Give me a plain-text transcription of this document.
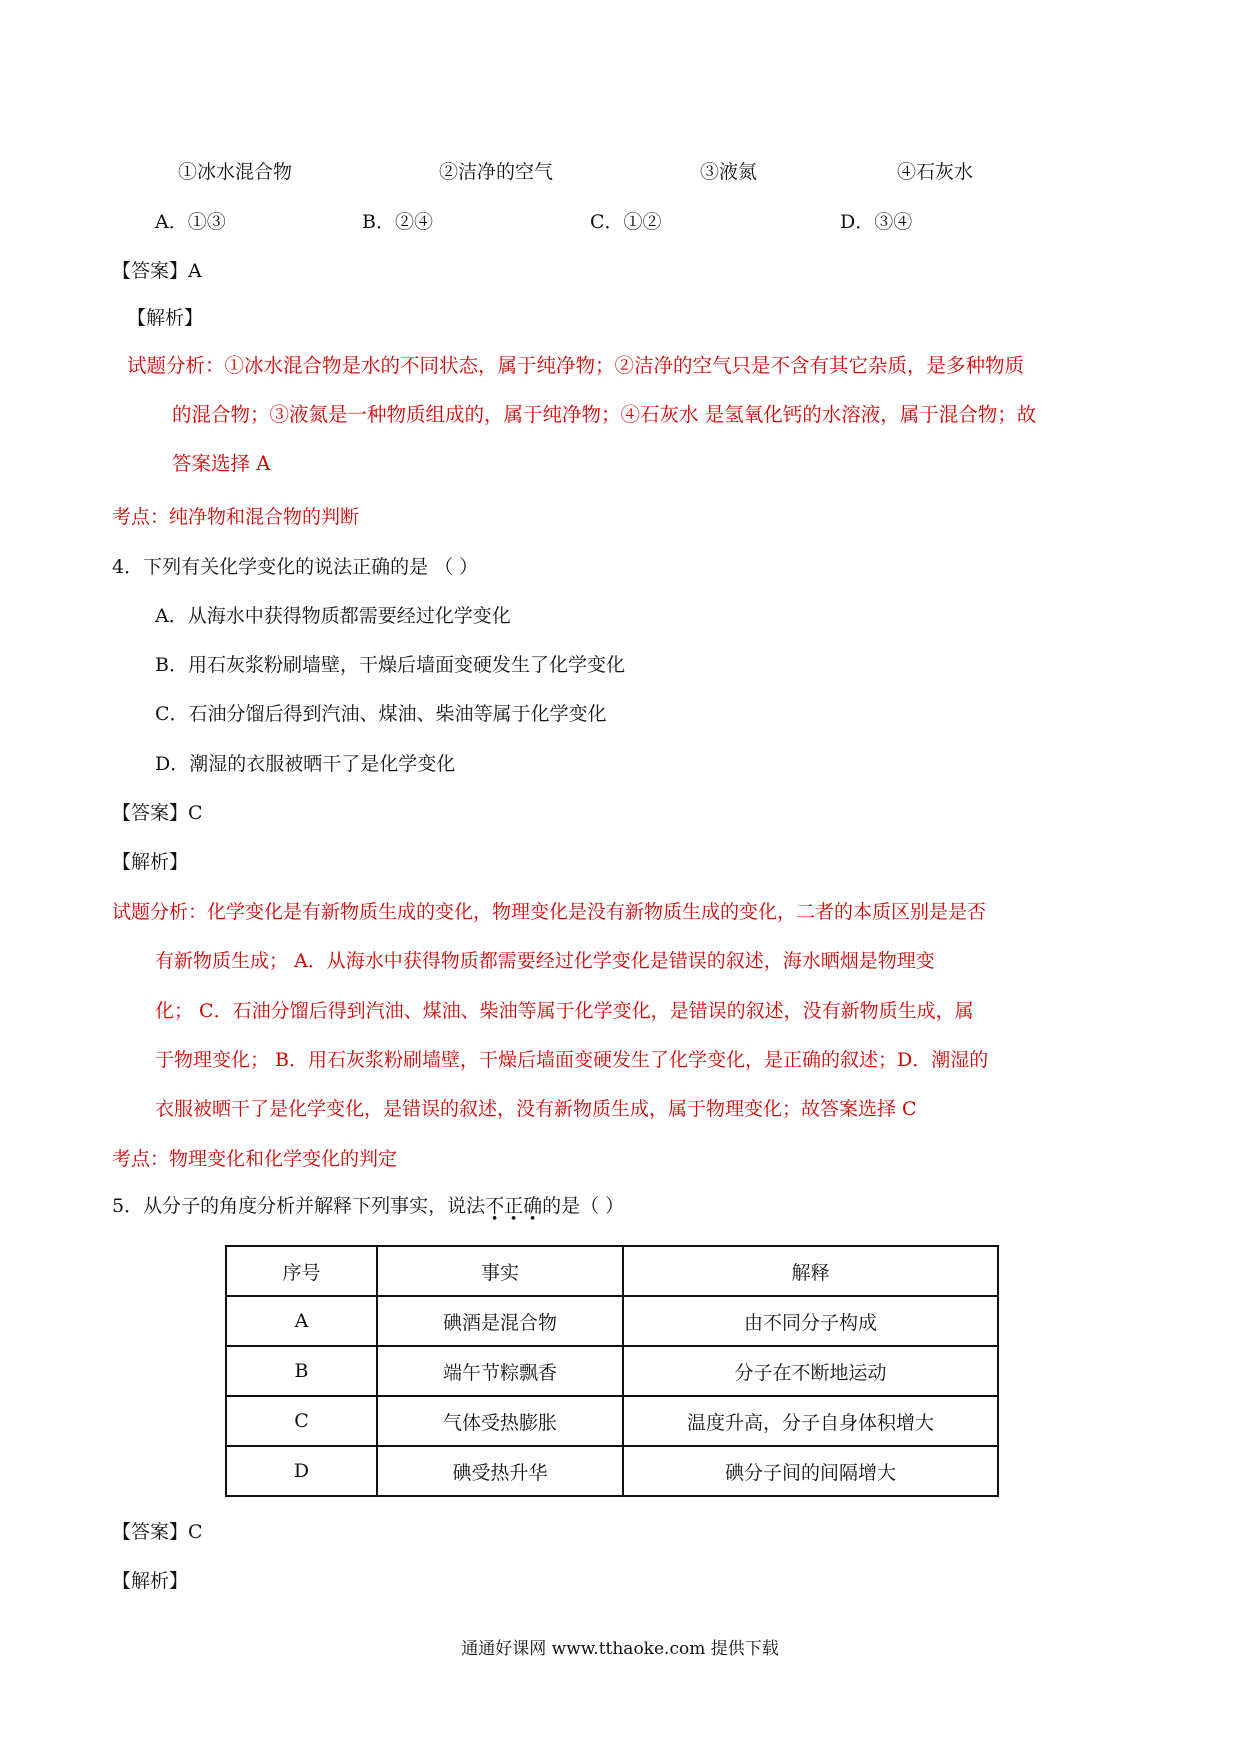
①冰水混合物	②洁净的空气	③液氮	④石灰水
A．①③	B．②④	C．①②	D．③④
【答案】A
【解析】
试题分析：①冰水混合物是水的不同状态，属于纯净物；②洁净的空气只是不含有其它杂质，是多种物质
的混合物；③液氮是一种物质组成的，属于纯净物；④石灰水 是氢氧化钙的水溶液，属于混合物；故
答案选择 A
考点：纯净物和混合物的判断
4．下列有关化学变化的说法正确的是 （ ）
A．从海水中获得物质都需要经过化学变化
B．用石灰浆粉刷墙壁，干燥后墙面变硬发生了化学变化
C．石油分馏后得到汽油、煤油、柴油等属于化学变化
D．潮湿的衣服被晒干了是化学变化
【答案】C
【解析】
试题分析：化学变化是有新物质生成的变化，物理变化是没有新物质生成的变化，二者的本质区别是是否
有新物质生成； A．从海水中获得物质都需要经过化学变化是错误的叙述，海水晒烟是物理变
化； C．石油分馏后得到汽油、煤油、柴油等属于化学变化，是错误的叙述，没有新物质生成，属
于物理变化； B．用石灰浆粉刷墙壁，干燥后墙面变硬发生了化学变化，是正确的叙述；D．潮湿的
衣服被晒干了是化学变化，是错误的叙述，没有新物质生成，属于物理变化；故答案选择 C
考点：物理变化和化学变化的判定
5．从分子的角度分析并解释下列事实，说法不正确的是（ ）
序号	事实	解释
A	碘酒是混合物	由不同分子构成
B	端午节粽飘香	分子在不断地运动
C	气体受热膨胀	温度升高，分子自身体积增大
D	碘受热升华	碘分子间的间隔增大
【答案】C
【解析】
通通好课网 www.tthaoke.com 提供下载
